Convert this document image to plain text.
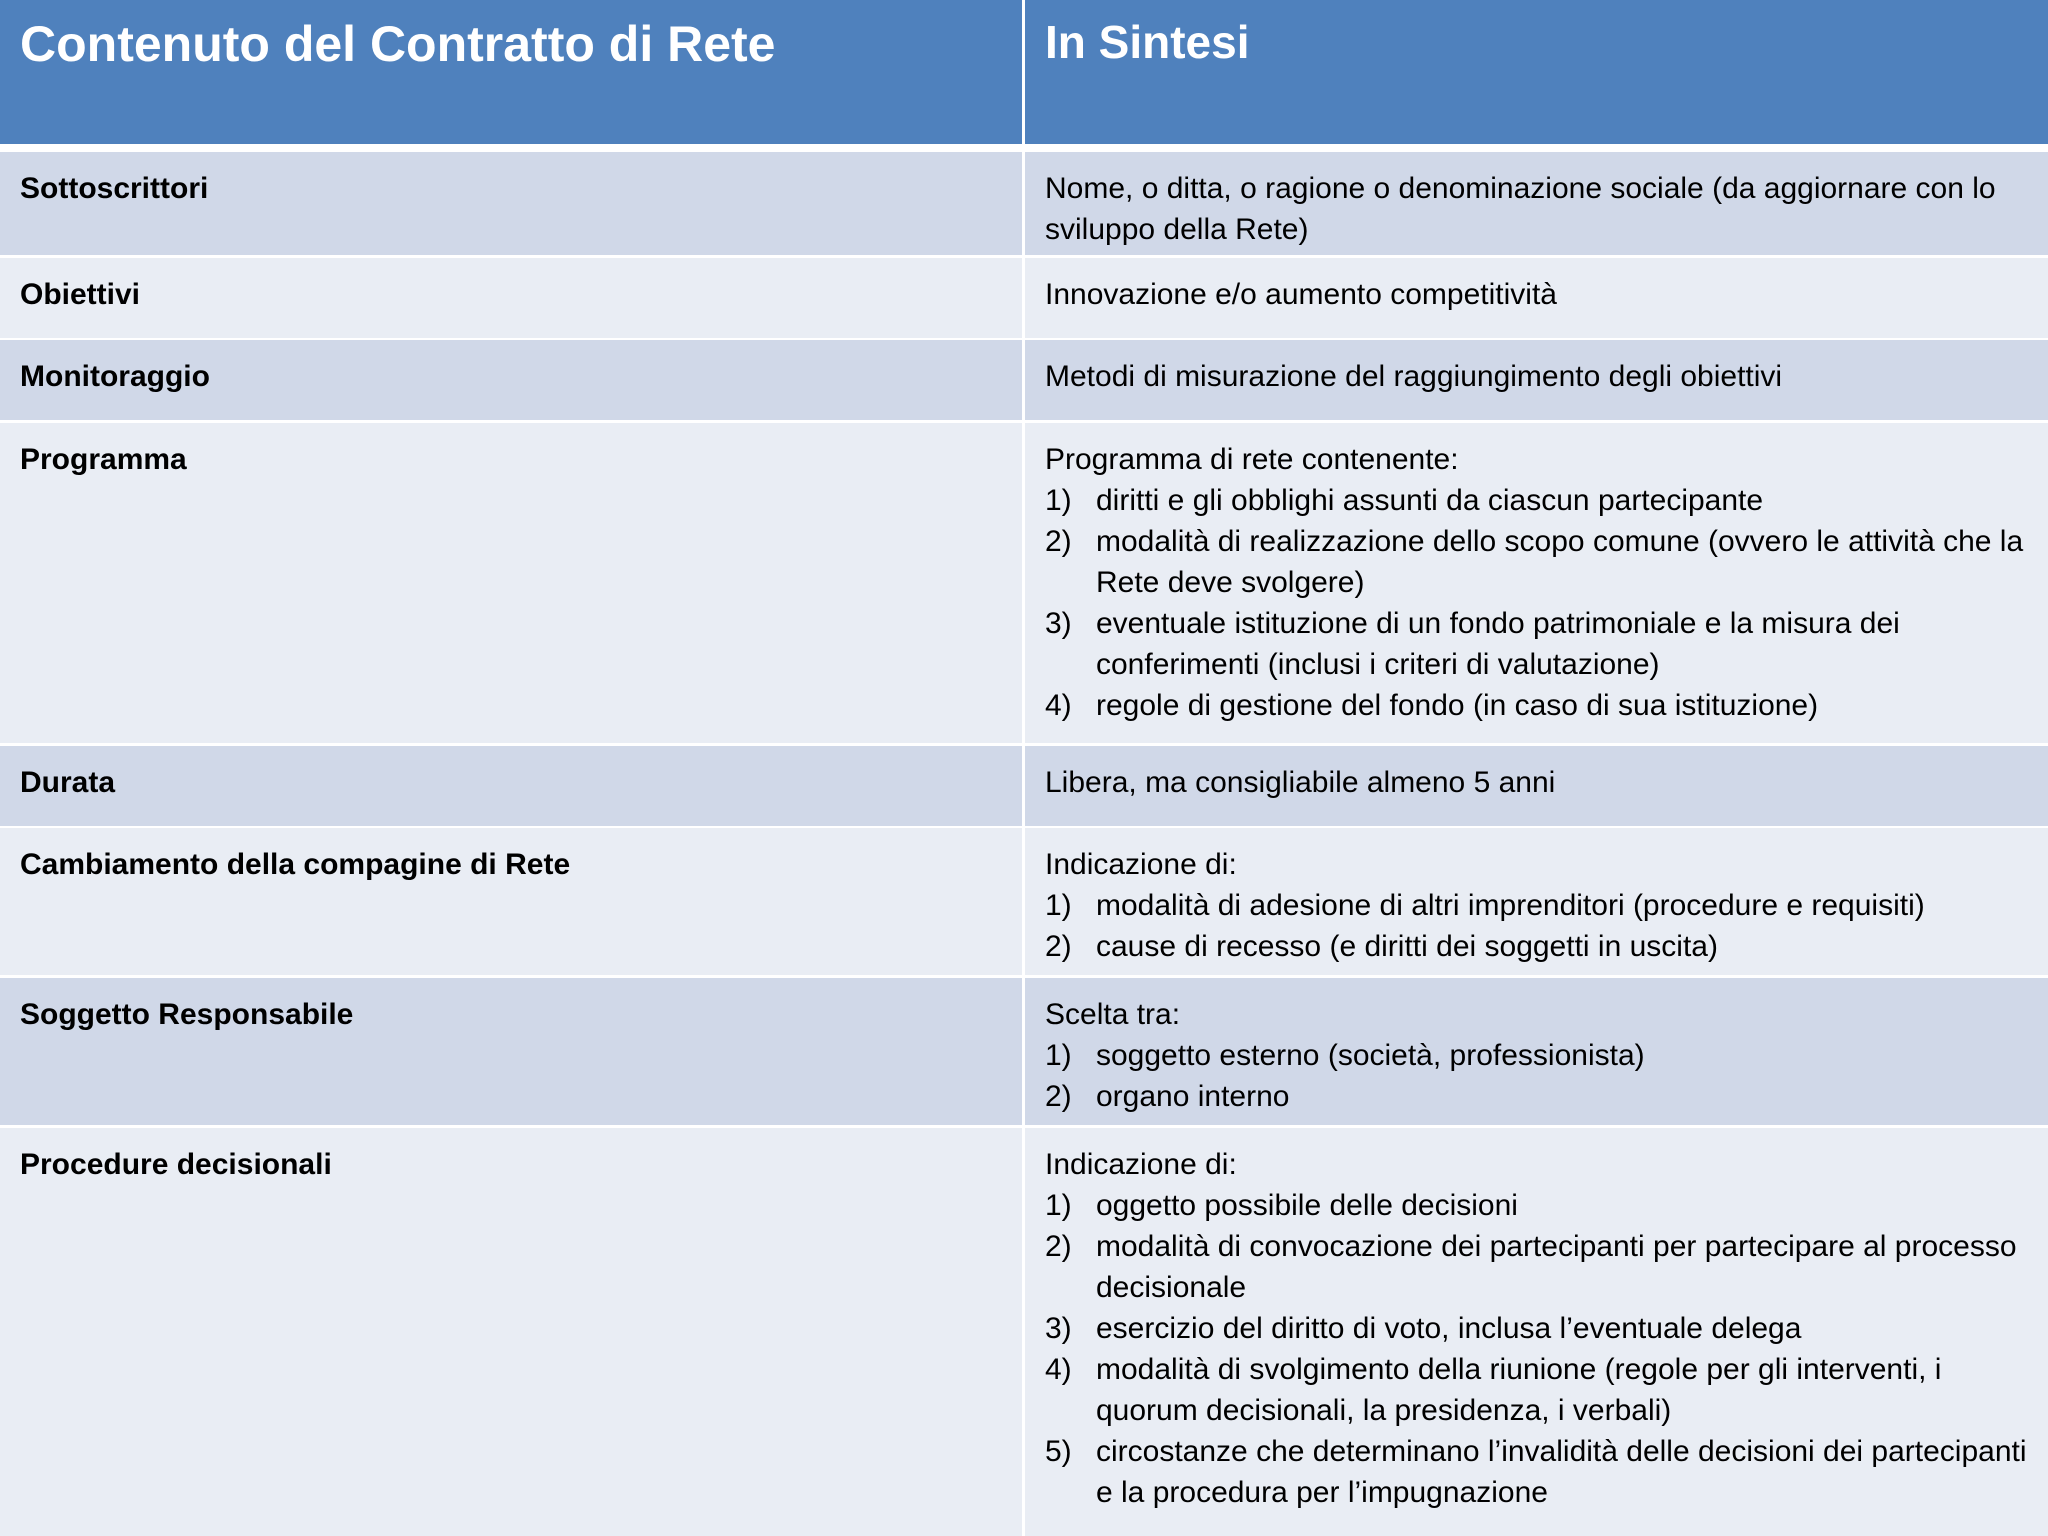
Contenuto del Contratto di Rete	In Sintesi
Sottoscrittori	Nome, o ditta, o ragione o denominazione sociale (da aggiornare con lo sviluppo della Rete)
Obiettivi	Innovazione e/o aumento competitività
Monitoraggio	Metodi di misurazione del raggiungimento degli obiettivi
Programma	Programma di rete contenente:
1) diritti e gli obblighi assunti da ciascun partecipante
2) modalità di realizzazione dello scopo comune (ovvero le attività che la Rete deve svolgere)
3) eventuale istituzione di un fondo patrimoniale e la misura dei conferimenti (inclusi i criteri di valutazione)
4) regole di gestione del fondo (in caso di sua istituzione)
Durata	Libera, ma consigliabile almeno 5 anni
Cambiamento della compagine di Rete	Indicazione di:
1) modalità di adesione di altri imprenditori (procedure e requisiti)
2) cause di recesso (e diritti dei soggetti in uscita)
Soggetto Responsabile	Scelta tra:
1) soggetto esterno (società, professionista)
2) organo interno
Procedure decisionali	Indicazione di:
1) oggetto possibile delle decisioni
2) modalità di convocazione dei partecipanti per partecipare al processo decisionale
3) esercizio del diritto di voto, inclusa l’eventuale delega
4) modalità di svolgimento della riunione (regole per gli interventi, i quorum decisionali, la presidenza, i verbali)
5) circostanze che determinano l’invalidità delle decisioni dei partecipanti e la procedura per l’impugnazione
